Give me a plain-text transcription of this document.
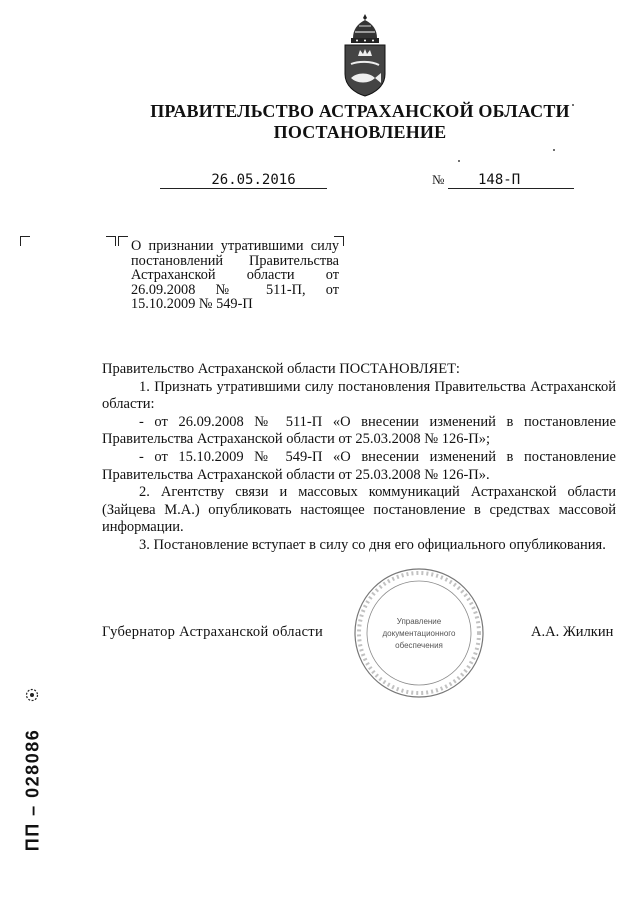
ПРАВИТЕЛЬСТВО АСТРАХАНСКОЙ ОБЛАСТИ
ПОСТАНОВЛЕНИЕ
26.05.2016	№	148-П
О признании утратившими силу постановлений Правительства Астраханской области от 26.09.2008 № 511-П, от 15.10.2009 № 549-П

Правительство Астраханской области ПОСТАНОВЛЯЕТ:

1. Признать утратившими силу постановления Правительства Астраханской области:

- от 26.09.2008 № 511-П «О внесении изменений в постановление Правительства Астраханской области от 25.03.2008 № 126-П»;

- от 15.10.2009 № 549-П «О внесении изменений в постановление Правительства Астраханской области от 25.03.2008 № 126-П».

2. Агентству связи и массовых коммуникаций Астраханской области (Зайцева М.А.) опубликовать настоящее постановление в средствах массовой информации.

3. Постановление вступает в силу со дня его официального опубликования.

Губернатор Астраханской области	А.А. Жилкин
Управление
документационного
обеспечения
ПП – 028086
